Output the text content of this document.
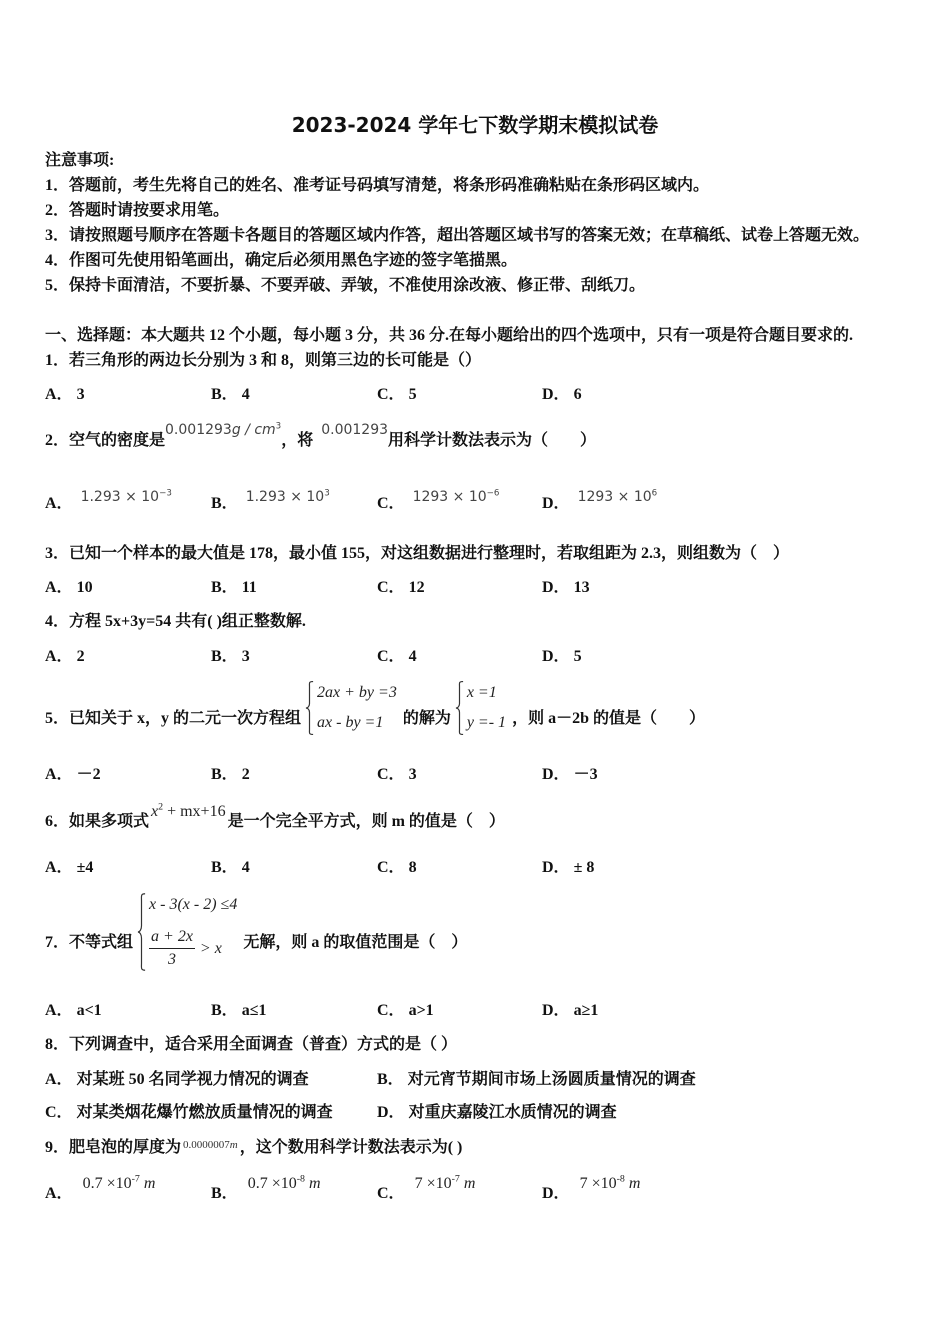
2023-2024 学年七下数学期末模拟试卷
注意事项:
1．答题前，考生先将自己的姓名、准考证号码填写清楚，将条形码准确粘贴在条形码区域内。
2．答题时请按要求用笔。
3．请按照题号顺序在答题卡各题目的答题区域内作答，超出答题区域书写的答案无效；在草稿纸、试卷上答题无效。
4．作图可先使用铅笔画出，确定后必须用黑色字迹的签字笔描黑。
5．保持卡面清洁，不要折暴、不要弄破、弄皱，不准使用涂改液、修正带、刮纸刀。
一、选择题：本大题共 12 个小题，每小题 3 分，共 36 分.在每小题给出的四个选项中，只有一项是符合题目要求的.
1．若三角形的两边长分别为 3 和 8，则第三边的长可能是（）
A． 3	B． 4	C． 5	D． 6
2．空气的密度是$0.001293g / cm^3$，将0.001293用科学计数法表示为（　　）
A． $1.293 \times 10^{-3}$
B． $1.293 \times 10^3$
C． $1293 \times 10^{-6}$
D． $1293 \times 10^6$
3．已知一个样本的最大值是 178，最小值 155，对这组数据进行整理时，若取组距为 2.3，则组数为（　）
A． 10	B． 11	C． 12	D． 13
4．方程 5x+3y=54 共有( )组正整数解.
A． 2	B． 3	C． 4	D． 5
5．已知关于 x，y 的二元一次方程组
2ax + by =3
ax - by =1	的解为
x =1
y =- 1 ，则 a－2b 的值是（　　）
A． －2	B． 2	C． 3	D． －3
6．如果多项式$x^2 + mx+16$是一个完全平方式，则 m 的值是（　）
A． ±4	B． 4	C． 8	D． ± 8
7．不等式组
x - 3(x - 2) ≤4
$\frac{a + 2x}{3} > x$ 无解，则 a 的取值范围是（　）
A． a<1	B． a≤1	C． a>1	D． a≥1
8．下列调查中，适合采用全面调查（普查）方式的是（ ）
A． 对某班 50 名同学视力情况的调查	B． 对元宵节期间市场上汤圆质量情况的调查
C． 对某类烟花爆竹燃放质量情况的调查	D． 对重庆嘉陵江水质情况的调查
9．肥皂泡的厚度为 0.0000007m ，这个数用科学计数法表示为( )
A．$0.7 \times 10^{-7}$ m
B．$0.7 \times 10^{-8}$ m
C．$7 \times 10^{-7}$ m
D．$7 \times 10^{-8}$ m
